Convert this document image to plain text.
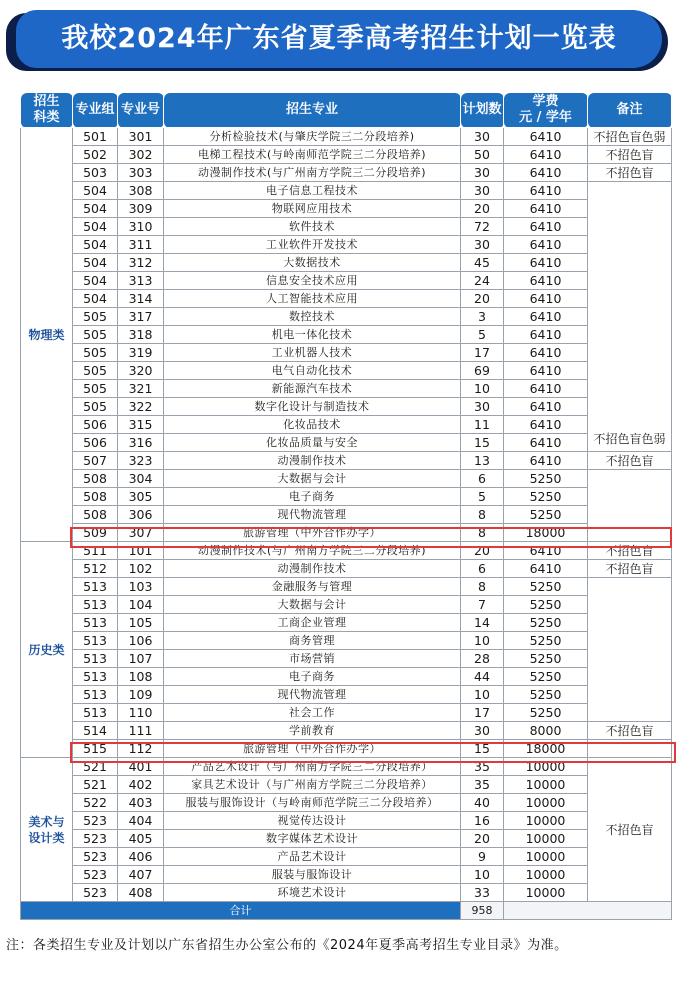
我校2024年广东省夏季高考招生计划一览表
招生
科类	专业组	专业号	招生专业	计划数	学费
元 / 学年	备注
物理类	501	301	分析检验技术(与肇庆学院三二分段培养)	30	6410	不招色盲色弱
	502	302	电梯工程技术(与岭南师范学院三二分段培养)	50	6410	不招色盲
	503	303	动漫制作技术(与广州南方学院三二分段培养)	30	6410	不招色盲
	504	308	电子信息工程技术	30	6410	不招色盲色弱
	504	309	物联网应用技术	20	6410	
	504	310	软件技术	72	6410	
	504	311	工业软件开发技术	30	6410	
	504	312	大数据技术	45	6410	
	504	313	信息安全技术应用	24	6410	
	504	314	人工智能技术应用	20	6410	
	505	317	数控技术	3	6410	
	505	318	机电一体化技术	5	6410	
	505	319	工业机器人技术	17	6410	
	505	320	电气自动化技术	69	6410	
	505	321	新能源汽车技术	10	6410	
	505	322	数字化设计与制造技术	30	6410	
	506	315	化妆品技术	11	6410	
	506	316	化妆品质量与安全	15	6410	
	507	323	动漫制作技术	13	6410	不招色盲
	508	304	大数据与会计	6	5250	
	508	305	电子商务	5	5250	
	508	306	现代物流管理	8	5250	
	509	307	旅游管理（中外合作办学）	8	18000	
历史类	511	101	动漫制作技术(与广州南方学院三二分段培养)	20	6410	不招色盲
	512	102	动漫制作技术	6	6410	不招色盲
	513	103	金融服务与管理	8	5250	
	513	104	大数据与会计	7	5250	
	513	105	工商企业管理	14	5250	
	513	106	商务管理	10	5250	
	513	107	市场营销	28	5250	
	513	108	电子商务	44	5250	
	513	109	现代物流管理	10	5250	
	513	110	社会工作	17	5250	
	514	111	学前教育	30	8000	不招色盲
	515	112	旅游管理（中外合作办学）	15	18000	
美术与
设计类	521	401	产品艺术设计（与广州南方学院三二分段培养）	35	10000	不招色盲
	521	402	家具艺术设计（与广州南方学院三二分段培养）	35	10000	
	522	403	服装与服饰设计（与岭南师范学院三二分段培养）	40	10000	
	523	404	视觉传达设计	16	10000	
	523	405	数字媒体艺术设计	20	10000	
	523	406	产品艺术设计	9	10000	
	523	407	服装与服饰设计	10	10000	
	523	408	环境艺术设计	33	10000	
合计				958		
注：各类招生专业及计划以广东省招生办公室公布的《2024年夏季高考招生专业目录》为准。
